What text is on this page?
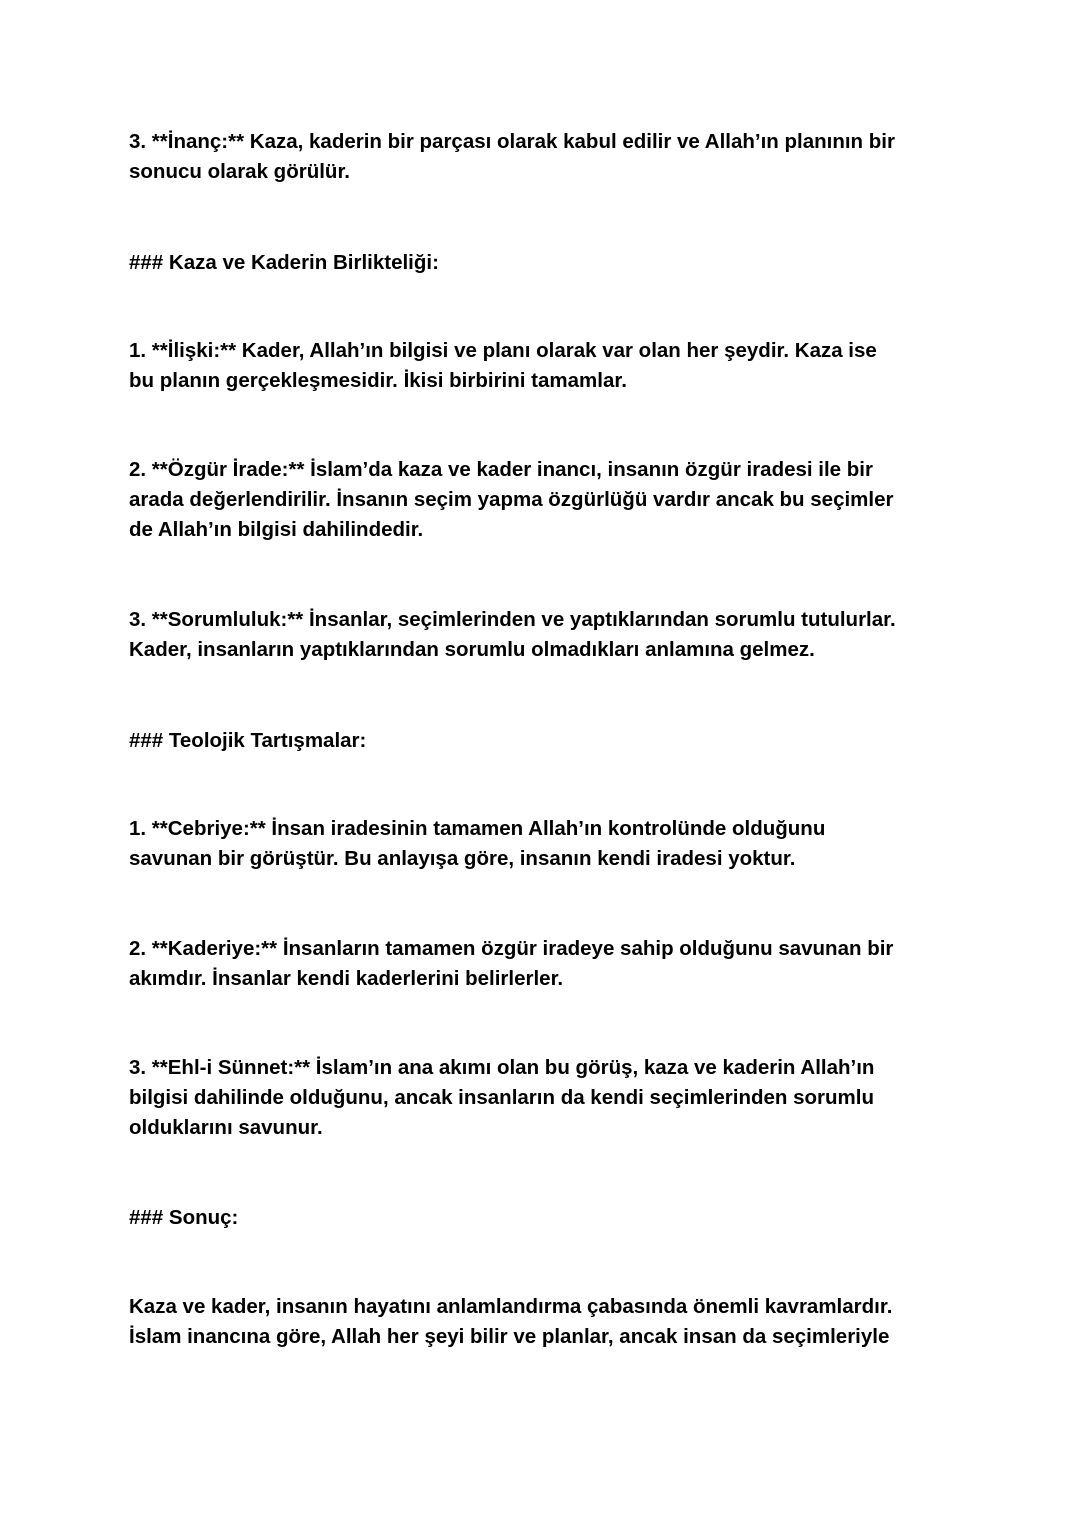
3. **İnanç:** Kaza, kaderin bir parçası olarak kabul edilir ve Allah’ın planının bir
sonucu olarak görülür.

### Kaza ve Kaderin Birlikteliği:

1. **İlişki:** Kader, Allah’ın bilgisi ve planı olarak var olan her şeydir. Kaza ise
bu planın gerçekleşmesidir. İkisi birbirini tamamlar.

2. **Özgür İrade:** İslam’da kaza ve kader inancı, insanın özgür iradesi ile bir
arada değerlendirilir. İnsanın seçim yapma özgürlüğü vardır ancak bu seçimler
de Allah’ın bilgisi dahilindedir.

3. **Sorumluluk:** İnsanlar, seçimlerinden ve yaptıklarından sorumlu tutulurlar.
Kader, insanların yaptıklarından sorumlu olmadıkları anlamına gelmez.

### Teolojik Tartışmalar:

1. **Cebriye:** İnsan iradesinin tamamen Allah’ın kontrolünde olduğunu
savunan bir görüştür. Bu anlayışa göre, insanın kendi iradesi yoktur.

2. **Kaderiye:** İnsanların tamamen özgür iradeye sahip olduğunu savunan bir
akımdır. İnsanlar kendi kaderlerini belirlerler.

3. **Ehl-i Sünnet:** İslam’ın ana akımı olan bu görüş, kaza ve kaderin Allah’ın
bilgisi dahilinde olduğunu, ancak insanların da kendi seçimlerinden sorumlu
olduklarını savunur.

### Sonuç:

Kaza ve kader, insanın hayatını anlamlandırma çabasında önemli kavramlardır.
İslam inancına göre, Allah her şeyi bilir ve planlar, ancak insan da seçimleriyle
